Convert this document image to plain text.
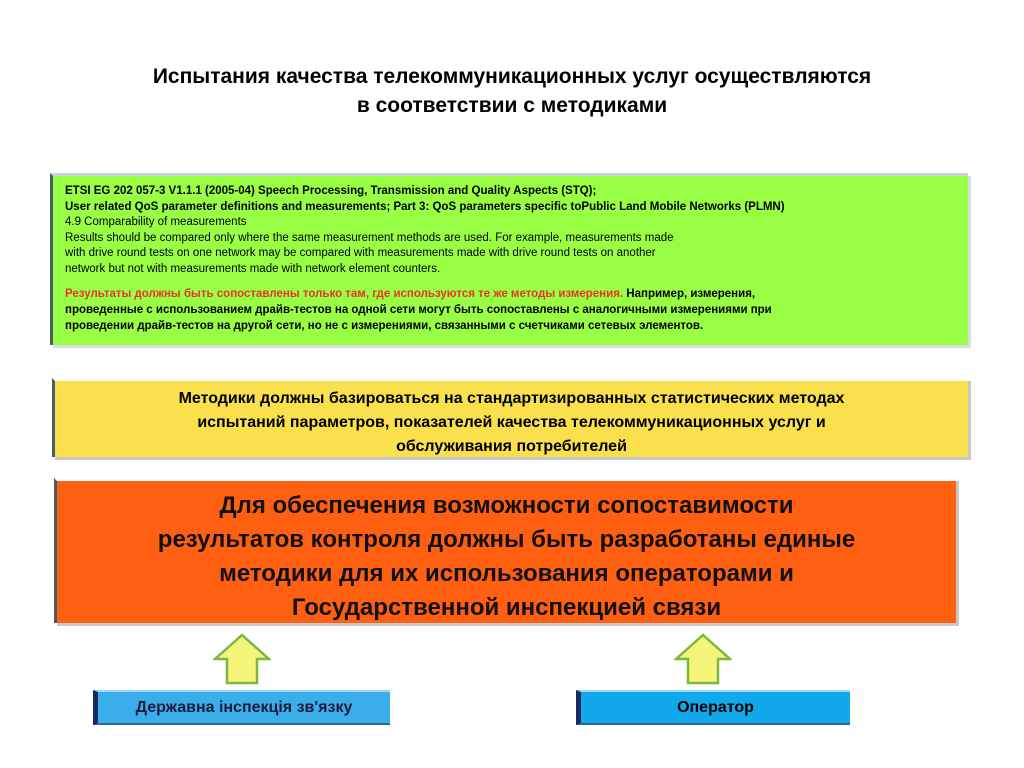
Испытания качества телекоммуникационных услуг осуществляются
в соответствии с методиками
ETSI EG 202 057-3 V1.1.1 (2005-04) Speech Processing, Transmission and Quality Aspects (STQ);
User related QoS parameter definitions and measurements; Part 3: QoS parameters specific toPublic Land Mobile Networks (PLMN)
4.9 Comparability of measurements
Results should be compared only where the same measurement methods are used. For example, measurements made
with drive round tests on one network may be compared with measurements made with drive round tests on another
network but not with measurements made with network element counters.
Результаты должны быть сопоставлены только там, где используются те же методы измерения. Например, измерения,
проведенные с использованием драйв-тестов на одной сети могут быть сопоставлены с аналогичными измерениями при
проведении драйв-тестов на другой сети, но не с измерениями, связанными с счетчиками сетевых элементов.
Методики должны базироваться на стандартизированных статистических методах
испытаний параметров, показателей качества телекоммуникационных услуг и
обслуживания потребителей
Для обеспечения возможности сопоставимости
результатов контроля должны быть разработаны единые
методики для их использования операторами и
Государственной инспекцией связи
Державна інспекція зв'язку	Оператор
